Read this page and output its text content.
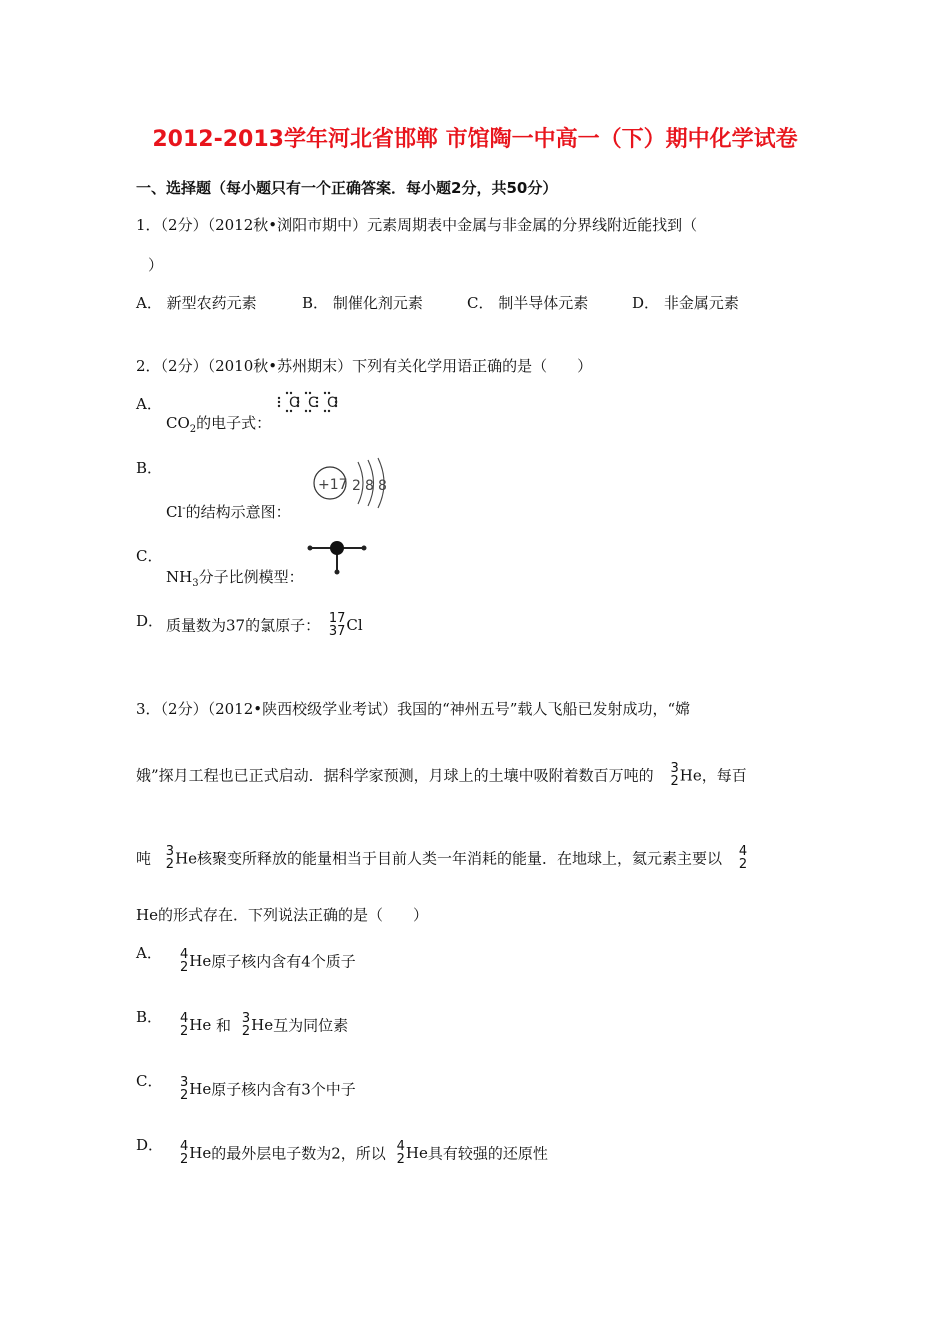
2012-2013学年河北省邯郸 市馆陶一中高一（下）期中化学试卷
一、选择题（每小题只有一个正确答案．每小题2分，共50分）
1．（2分）（2012秋•浏阳市期中）元素周期表中金属与非金属的分界线附近能找到（
）
A． 新型农药元素	B． 制催化剂元素	C． 制半导体元素	D． 非金属元素
2．（2分）（2010秋•苏州期末）下列有关化学用语正确的是（　　）
A．
$CO_2$的电子式：
O C O
B．
Cl-的结构示意图：
+17 2 8 8
C．
$NH_3$分子比例模型：
D． 质量数为37的氯原子： 17
37 Cl
3．（2分）（2012•陕西校级学业考试）我国的“神州五号”载人飞船已发射成功，“嫦
娥”探月工程也已正式启动．据科学家预测，月球上的土壤中吸附着数百万吨的 3
2 He，每百
吨 3
2 He核聚变所释放的能量相当于目前人类一年消耗的能量．在地球上，氦元素主要以 4
2
He的形式存在．下列说法正确的是（　　）
A． 4
2 He原子核内含有4个质子
B． 4
2 He 和 3
2 He互为同位素
C． 3
2 He原子核内含有3个中子
D． 4
2 He的最外层电子数为2，所以 4
2 He具有较强的还原性
